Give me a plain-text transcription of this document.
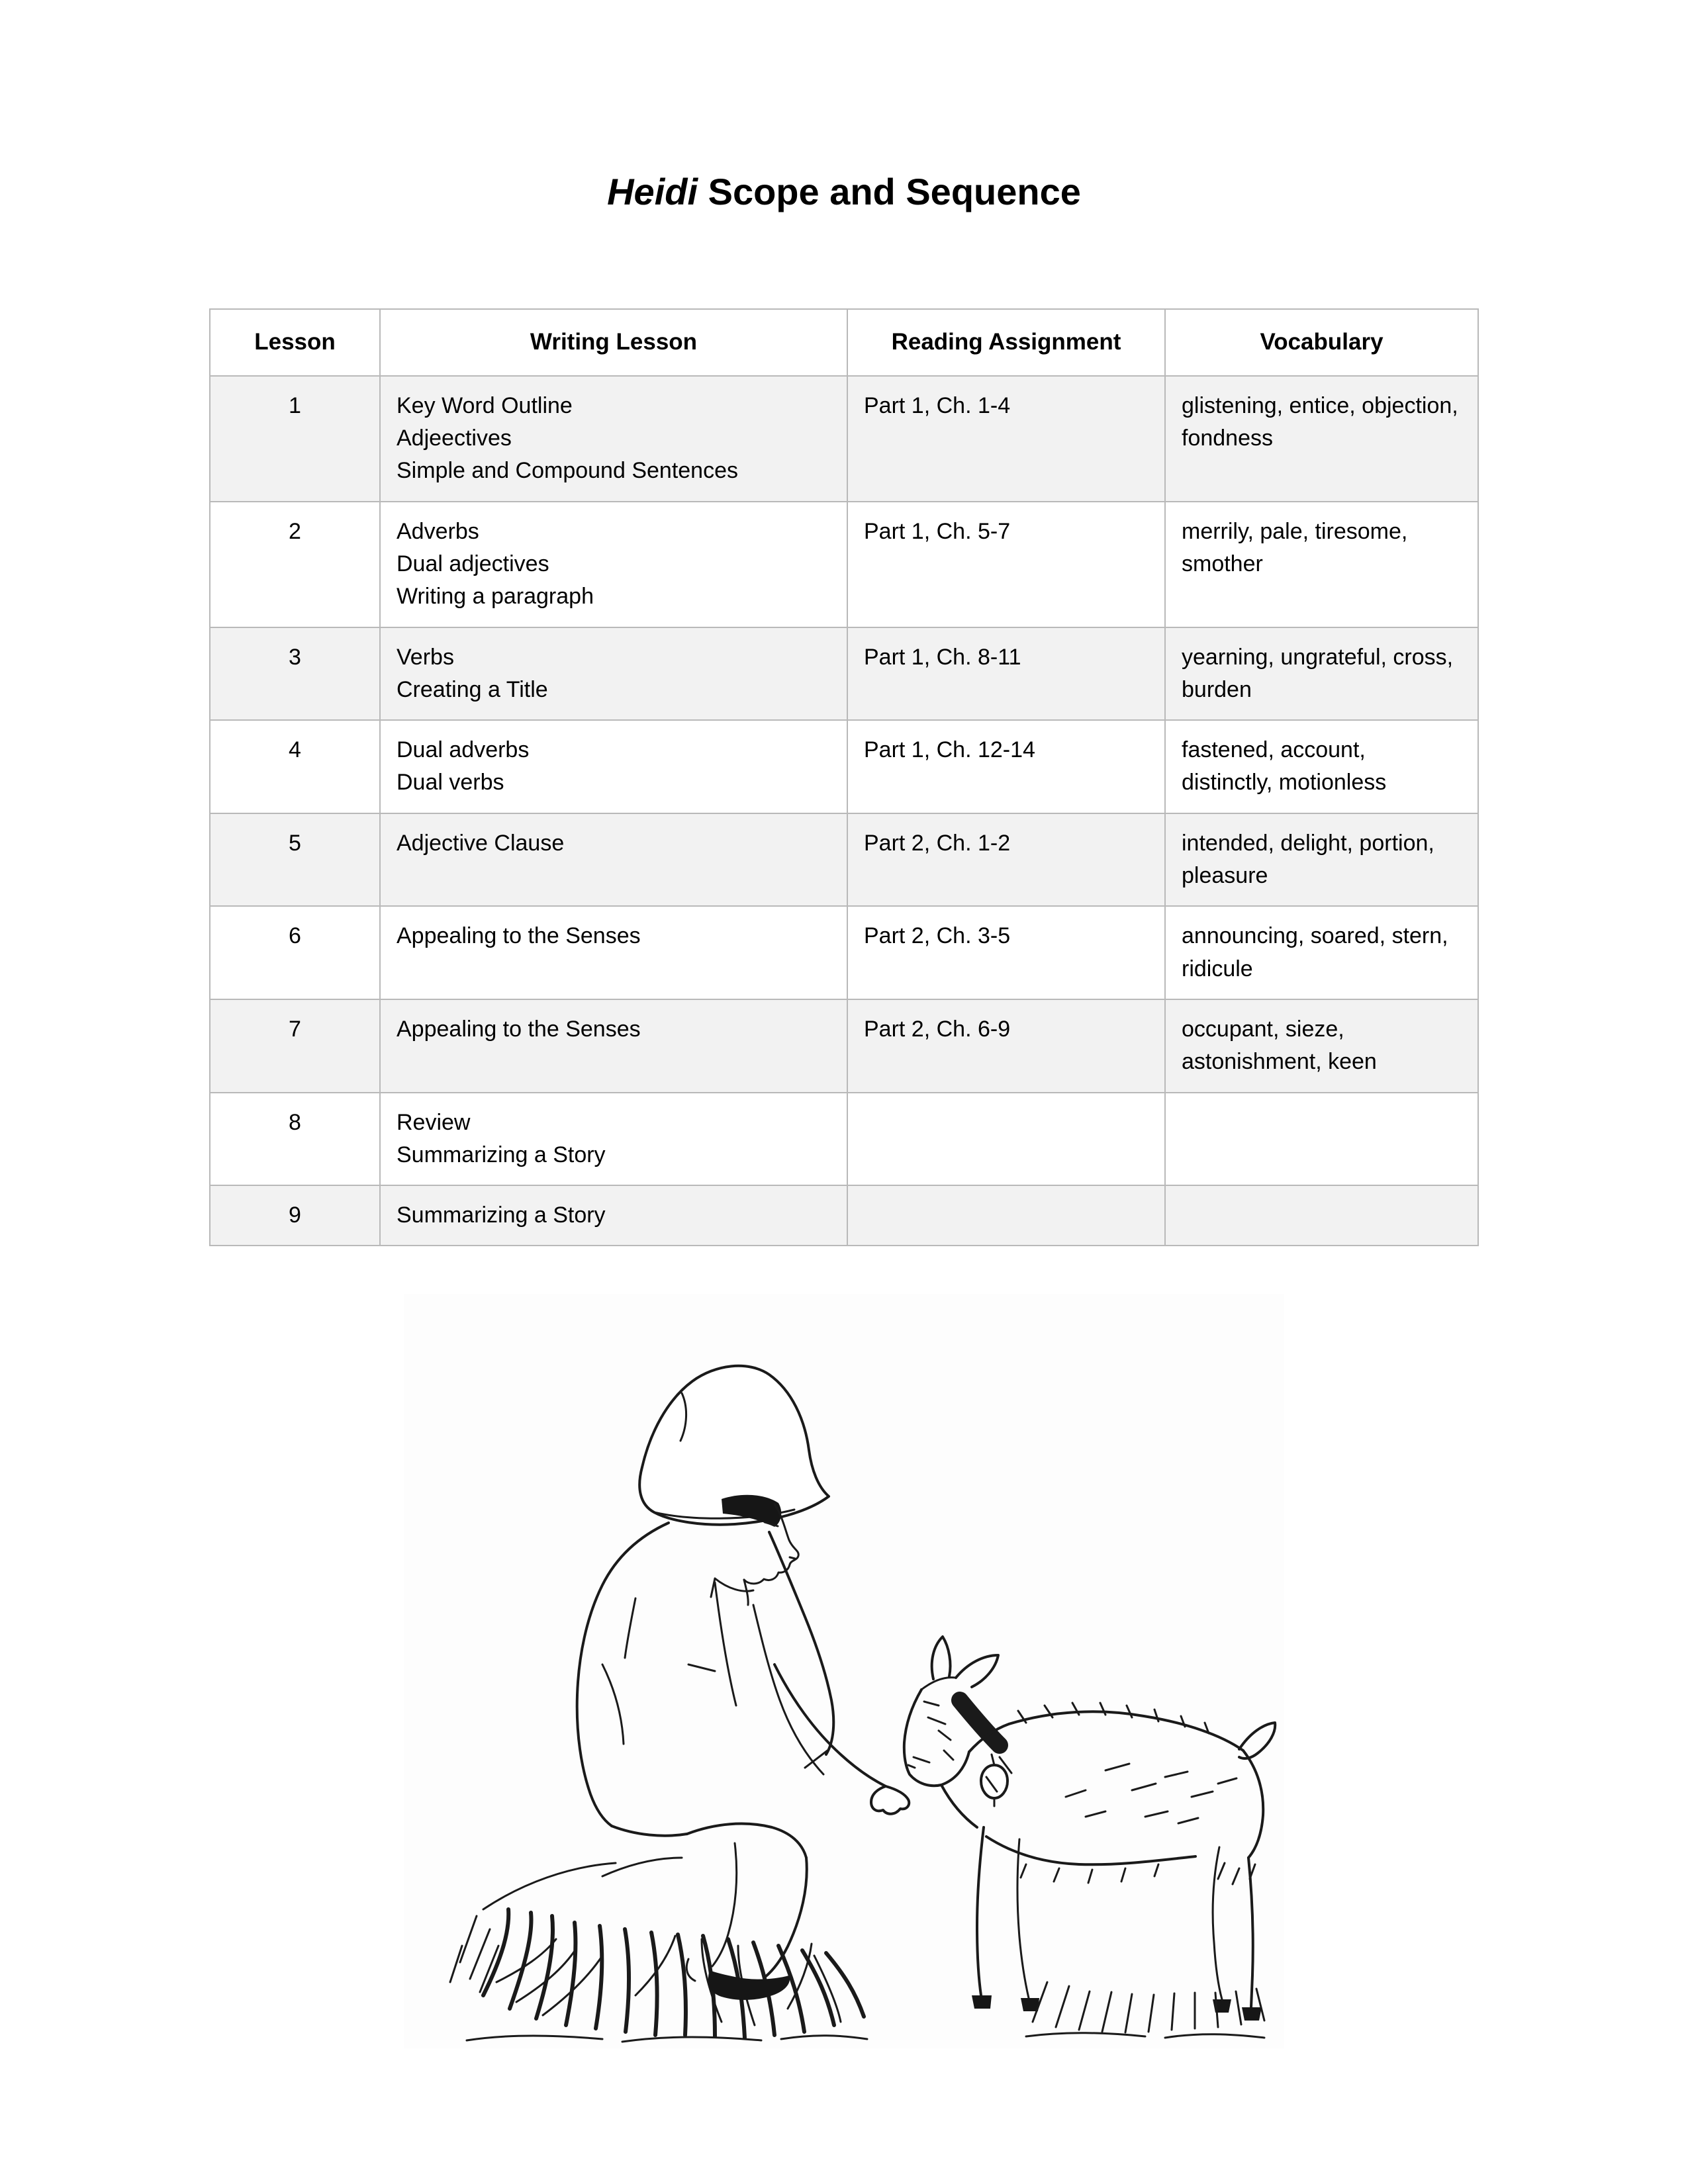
Heidi Scope and Sequence
Lesson	Writing Lesson	Reading Assignment	Vocabulary
1	Key Word Outline
Adjeectives
Simple and Compound Sentences	Part 1, Ch. 1-4	glistening, entice, objection, fondness
2	Adverbs
Dual adjectives
Writing a paragraph	Part 1, Ch. 5-7	merrily, pale, tiresome, smother
3	Verbs
Creating a Title	Part 1, Ch. 8-11	yearning, ungrateful, cross, burden
4	Dual adverbs
Dual verbs	Part 1, Ch. 12-14	fastened, account, distinctly, motionless
5	Adjective Clause	Part 2, Ch. 1-2	intended, delight, portion, pleasure
6	Appealing to the Senses	Part 2, Ch. 3-5	announcing, soared, stern, ridicule
7	Appealing to the Senses	Part 2, Ch. 6-9	occupant, sieze, astonishment, keen
8	Review
Summarizing a Story		

9	Summarizing a Story		
